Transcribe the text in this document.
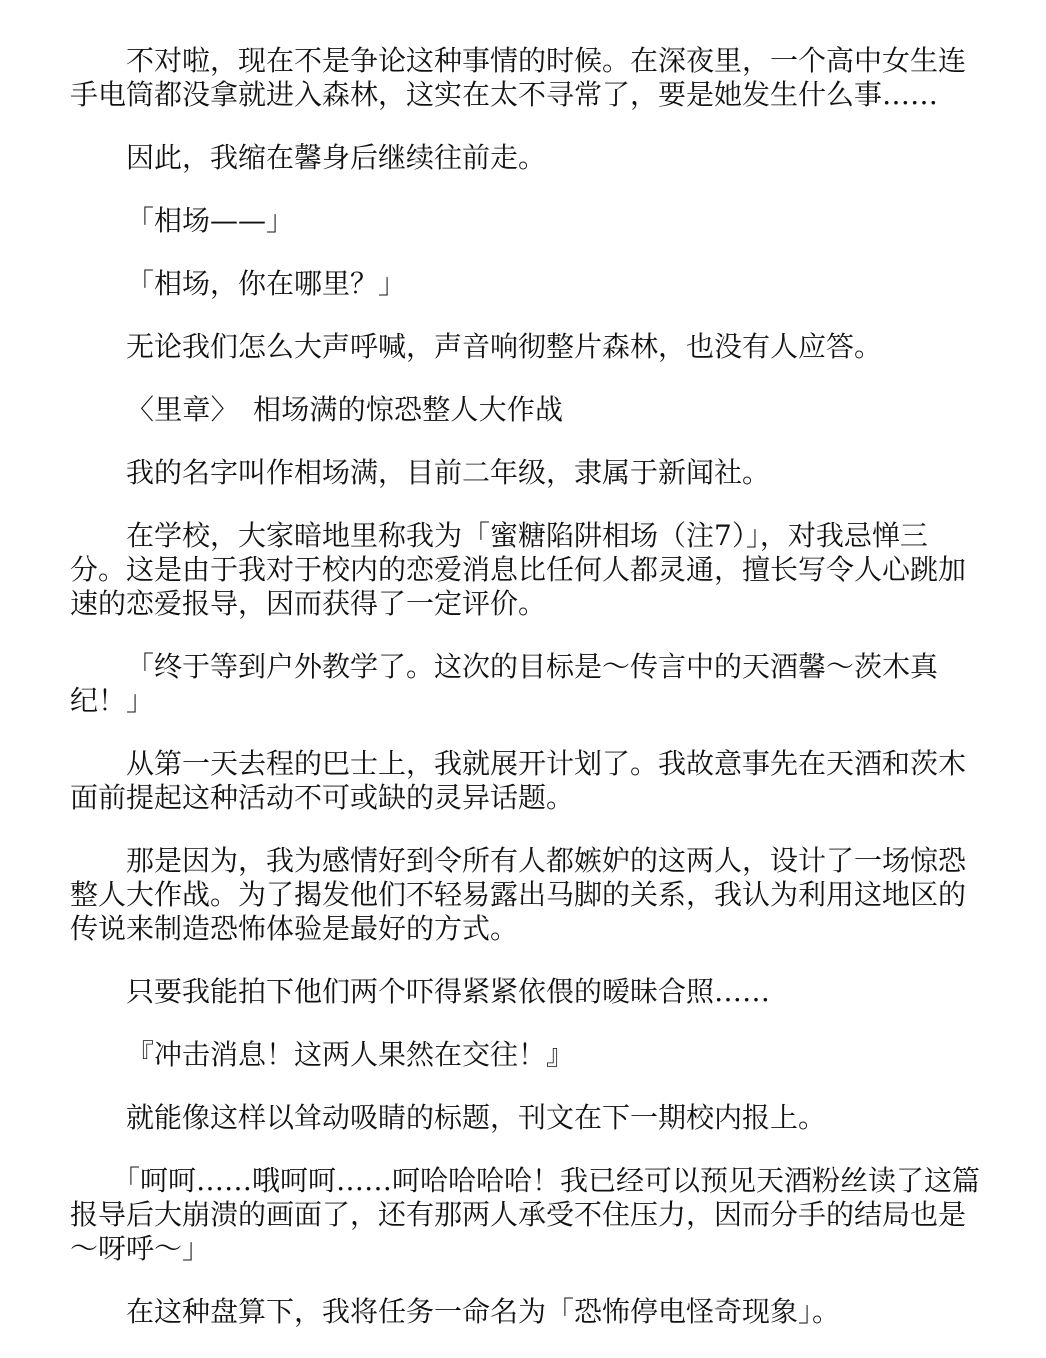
不对啦，现在不是争论这种事情的时候。在深夜里，一个高中女生连手电筒都没拿就进入森林，这实在太不寻常了，要是她发生什么事……

因此，我缩在馨身后继续往前走。

「相场——」

「相场，你在哪里？」

无论我们怎么大声呼喊，声音响彻整片森林，也没有人应答。

〈里章〉　相场满的惊恐整人大作战

我的名字叫作相场满，目前二年级，隶属于新闻社。

在学校，大家暗地里称我为「蜜糖陷阱相场（注7）」，对我忌惮三分。这是由于我对于校内的恋爱消息比任何人都灵通，擅长写令人心跳加速的恋爱报导，因而获得了一定评价。

「终于等到户外教学了。这次的目标是～传言中的天酒馨～茨木真纪！」

从第一天去程的巴士上，我就展开计划了。我故意事先在天酒和茨木面前提起这种活动不可或缺的灵异话题。

那是因为，我为感情好到令所有人都嫉妒的这两人，设计了一场惊恐整人大作战。为了揭发他们不轻易露出马脚的关系，我认为利用这地区的传说来制造恐怖体验是最好的方式。

只要我能拍下他们两个吓得紧紧依偎的暧昧合照……

『冲击消息！这两人果然在交往！』

就能像这样以耸动吸睛的标题，刊文在下一期校内报上。

「呵呵……哦呵呵……呵哈哈哈哈！我已经可以预见天酒粉丝读了这篇报导后大崩溃的画面了，还有那两人承受不住压力，因而分手的结局也是～呀呼～」

在这种盘算下，我将任务一命名为「恐怖停电怪奇现象」。
